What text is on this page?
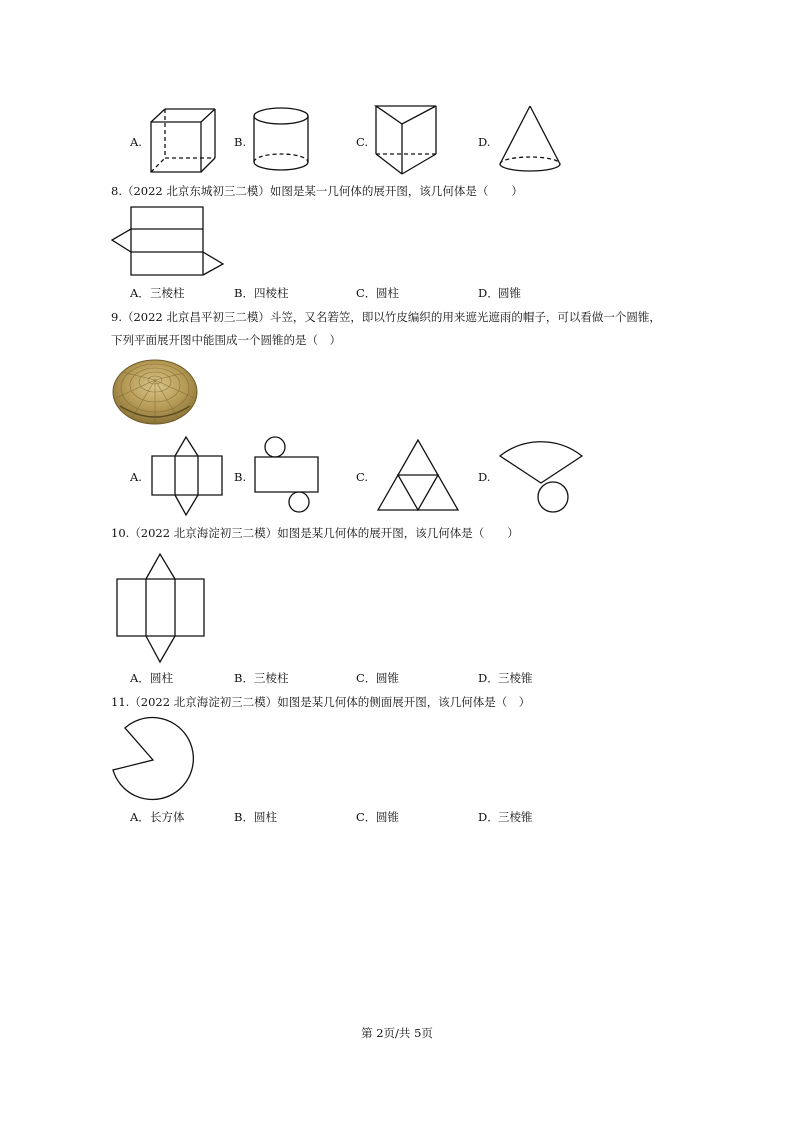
A.	B.	C.	D.
8.（2022 北京东城初三二模）如图是某一几何体的展开图，该几何体是（　　）
A． 三棱柱	B． 四棱柱	C． 圆柱	D． 圆锥
9.（2022 北京昌平初三二模）斗笠，又名箬笠，即以竹皮编织的用来遮光遮雨的帽子，可以看做一个圆锥，
下列平面展开图中能围成一个圆锥的是（　）
A.	B.	C.	D.
10.（2022 北京海淀初三二模）如图是某几何体的展开图，该几何体是（　　）
A． 圆柱	B． 三棱柱	C． 圆锥	D． 三棱锥
11.（2022 北京海淀初三二模）如图是某几何体的侧面展开图，该几何体是（　）
A． 长方体	B． 圆柱	C． 圆锥	D． 三棱锥
第 2页/共 5页
